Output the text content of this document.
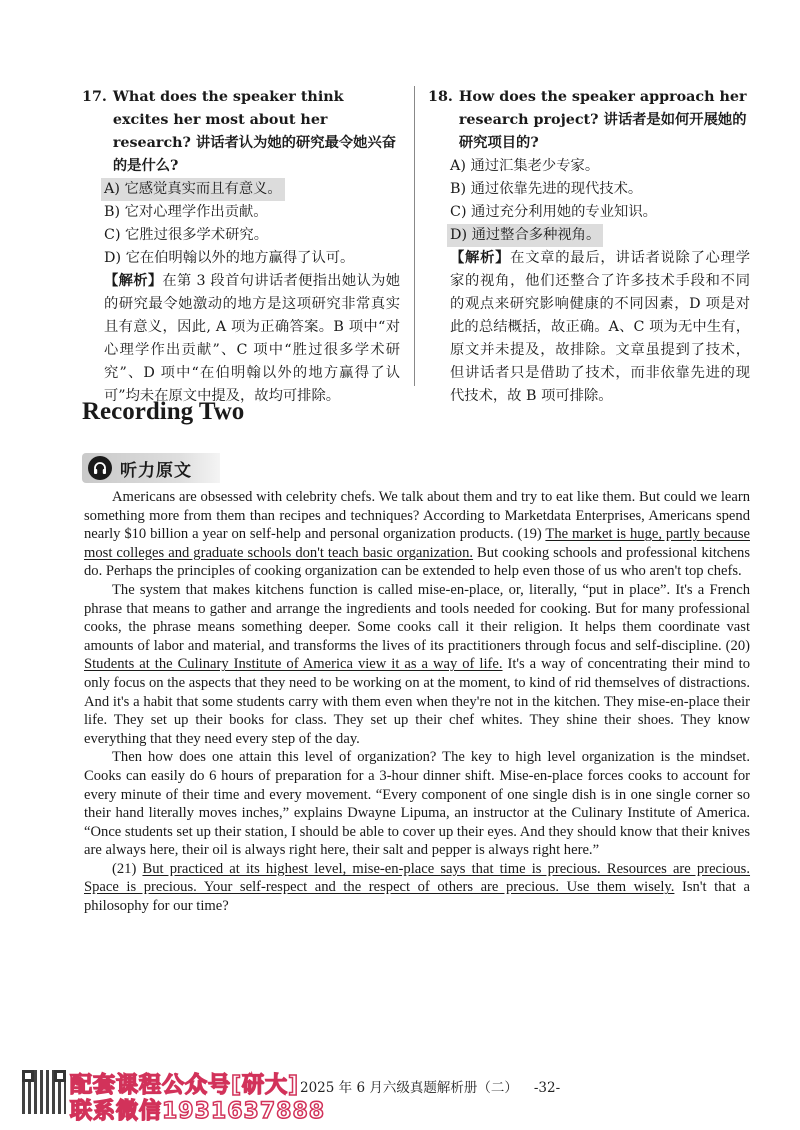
17. What does the speaker think excites her most about her research? 讲话者认为她的研究最令她兴奋的是什么?
A) 它感觉真实而且有意义。
B) 它对心理学作出贡献。
C) 它胜过很多学术研究。
D) 它在伯明翰以外的地方赢得了认可。
【解析】在第 3 段首句讲话者便指出她认为她的研究最令她激动的地方是这项研究非常真实且有意义，因此, A 项为正确答案。B 项中“对心理学作出贡献”、C 项中“胜过很多学术研究”、D 项中“在伯明翰以外的地方赢得了认可”均未在原文中提及，故均可排除。
18. How does the speaker approach her research project? 讲话者是如何开展她的研究项目的?
A) 通过汇集老少专家。
B) 通过依靠先进的现代技术。
C) 通过充分利用她的专业知识。
D) 通过整合多种视角。
【解析】在文章的最后，讲话者说除了心理学家的视角，他们还整合了许多技术手段和不同的观点来研究影响健康的不同因素，D 项是对此的总结概括，故正确。A、C 项为无中生有，原文并未提及，故排除。文章虽提到了技术，但讲话者只是借助了技术，而非依靠先进的现代技术，故 B 项可排除。
Recording Two
听力原文

Americans are obsessed with celebrity chefs. We talk about them and try to eat like them. But could we learn something more from them than recipes and techniques? According to Marketdata Enterprises, Americans spend nearly $10 billion a year on self-help and personal organization products. (19) The market is huge, partly because most colleges and graduate schools don't teach basic organization. But cooking schools and professional kitchens do. Perhaps the principles of cooking organization can be extended to help even those of us who aren't top chefs.

The system that makes kitchens function is called mise-en-place, or, literally, “put in place”. It's a French phrase that means to gather and arrange the ingredients and tools needed for cooking. But for many professional cooks, the phrase means something deeper. Some cooks call it their religion. It helps them coordinate vast amounts of labor and material, and transforms the lives of its practitioners through focus and self-discipline. (20) Students at the Culinary Institute of America view it as a way of life. It's a way of concentrating their mind to only focus on the aspects that they need to be working on at the moment, to kind of rid themselves of distractions. And it's a habit that some students carry with them even when they're not in the kitchen. They mise-en-place their life. They set up their books for class. They set up their chef whites. They shine their shoes. They know everything that they need every step of the day.

Then how does one attain this level of organization? The key to high level organization is the mindset. Cooks can easily do 6 hours of preparation for a 3-hour dinner shift. Mise-en-place forces cooks to account for every minute of their time and every movement. “Every component of one single dish is in one single corner so their hand literally moves inches,” explains Dwayne Lipuma, an instructor at the Culinary Institute of America. “Once students set up their station, I should be able to cover up their eyes. And they should know that their knives are always here, their oil is always right here, their salt and pepper is always right here.”

(21) But practiced at its highest level, mise-en-place says that time is precious. Resources are precious. Space is precious. Your self-respect and the respect of others are precious. Use them wisely. Isn't that a philosophy for our time?

配套课程公众号[研大]
联系微信1931637888
2025 年 6 月六级真题解析册（二） -32-
